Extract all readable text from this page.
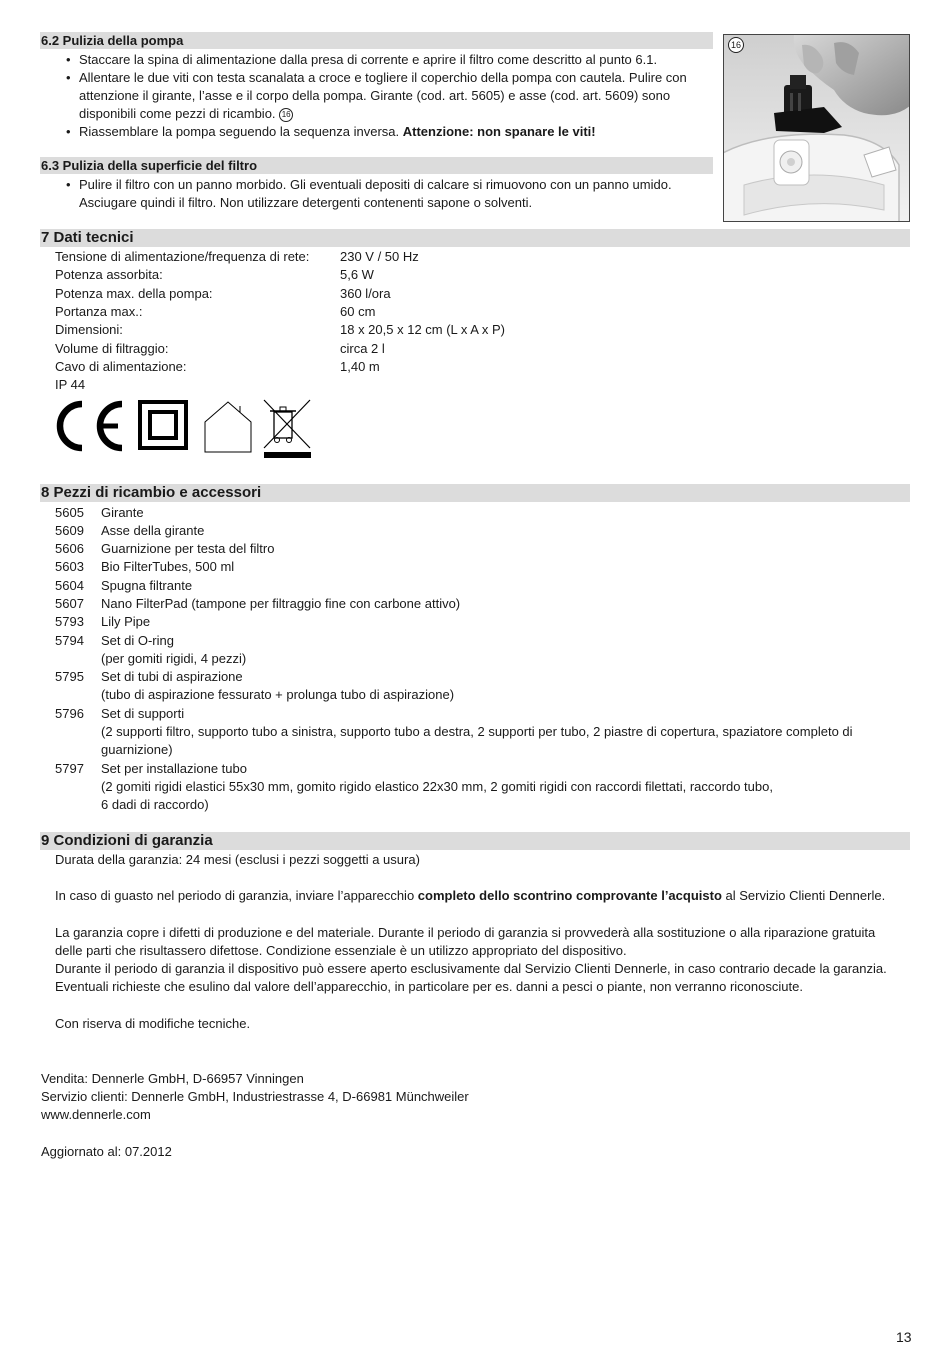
6.2 Pulizia della pompa
• Staccare la spina di alimentazione dalla presa di corrente e aprire il filtro come descritto al punto 6.1.
• Allentare le due viti con testa scanalata a croce e togliere il coperchio della pompa con cautela. Pulire con
attenzione il girante, l’asse e il corpo della pompa. Girante (cod. art. 5605) e asse (cod. art. 5609) sono
disponibili come pezzi di ricambio. 16
• Riassemblare la pompa seguendo la sequenza inversa. Attenzione: non spanare le viti!
6.3 Pulizia della superficie del filtro
• Pulire il filtro con un panno morbido. Gli eventuali depositi di calcare si rimuovono con un panno umido.
Asciugare quindi il filtro. Non utilizzare detergenti contenenti sapone o solventi.
16
7 Dati tecnici
Tensione di alimentazione/frequenza di rete: 230 V / 50 Hz
Potenza assorbita:	5,6 W
Potenza max. della pompa:	360 l/ora
Portanza max.:	60 cm
Dimensioni:	18 x 20,5 x 12 cm (L x A x P)
Volume di filtraggio:	circa 2 l
Cavo di alimentazione:	1,40 m
IP 44
8 Pezzi di ricambio e accessori
5605	Girante
5609	Asse della girante
5606	Guarnizione per testa del filtro
5603	Bio FilterTubes, 500 ml
5604	Spugna filtrante
5607	Nano FilterPad (tampone per filtraggio fine con carbone attivo)
5793	Lily Pipe
5794	Set di O-ring
(per gomiti rigidi, 4 pezzi)
5795	Set di tubi di aspirazione
(tubo di aspirazione fessurato + prolunga tubo di aspirazione)
5796	Set di supporti
(2 supporti filtro, supporto tubo a sinistra, supporto tubo a destra, 2 supporti per tubo, 2 piastre di copertura, spaziatore completo di
guarnizione)
5797	Set per installazione tubo
(2 gomiti rigidi elastici 55x30 mm, gomito rigido elastico 22x30 mm, 2 gomiti rigidi con raccordi filettati, raccordo tubo,
6 dadi di raccordo)
9 Condizioni di garanzia
Durata della garanzia: 24 mesi (esclusi i pezzi soggetti a usura)
In caso di guasto nel periodo di garanzia, inviare l’apparecchio completo dello scontrino comprovante l’acquisto al Servizio Clienti Dennerle.
La garanzia copre i difetti di produzione e del materiale. Durante il periodo di garanzia si provvederà alla sostituzione o alla riparazione gratuita
delle parti che risultassero difettose. Condizione essenziale è un utilizzo appropriato del dispositivo.
Durante il periodo di garanzia il dispositivo può essere aperto esclusivamente dal Servizio Clienti Dennerle, in caso contrario decade la garanzia.
Eventuali richieste che esulino dal valore dell’apparecchio, in particolare per es. danni a pesci o piante, non verranno riconosciute.
Con riserva di modifiche tecniche.
Vendita: Dennerle GmbH, D-66957 Vinningen
Servizio clienti: Dennerle GmbH, Industriestrasse 4, D-66981 Münchweiler
www.dennerle.com
Aggiornato al: 07.2012
13
